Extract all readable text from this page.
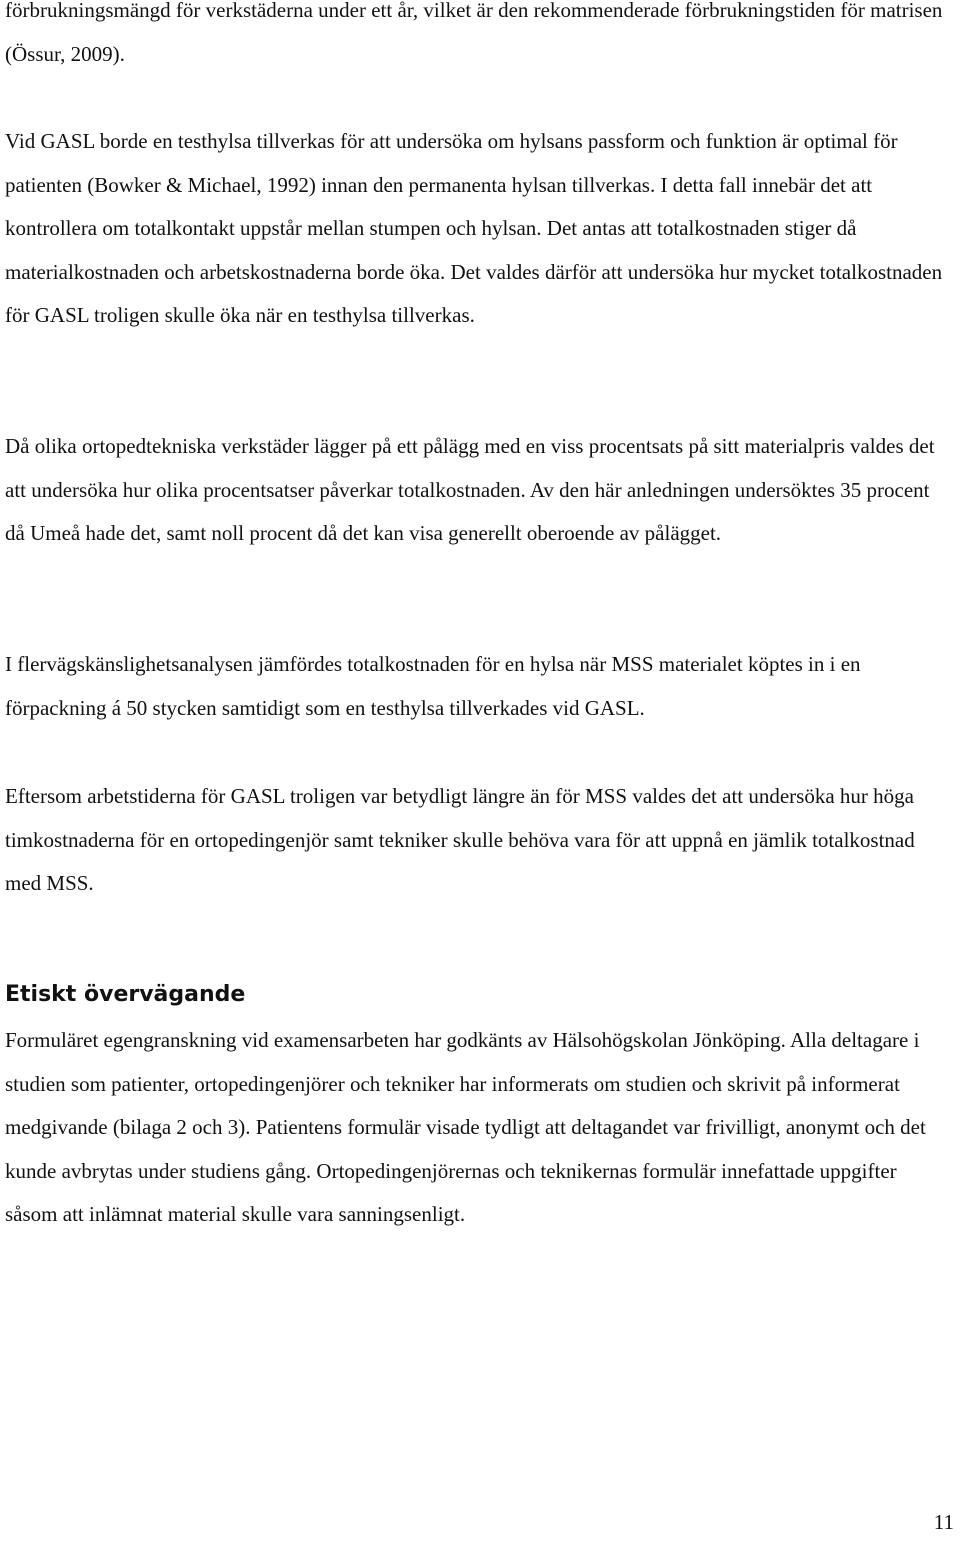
förbrukningsmängd för verkstäderna under ett år, vilket är den rekommenderade förbrukningstiden för matrisen (Össur, 2009).

Vid GASL borde en testhylsa tillverkas för att undersöka om hylsans passform och funktion är optimal för patienten (Bowker & Michael, 1992) innan den permanenta hylsan tillverkas. I detta fall innebär det att kontrollera om totalkontakt uppstår mellan stumpen och hylsan. Det antas att totalkostnaden stiger då materialkostnaden och arbetskostnaderna borde öka. Det valdes därför att undersöka hur mycket totalkostnaden för GASL troligen skulle öka när en testhylsa tillverkas.

Då olika ortopedtekniska verkstäder lägger på ett pålägg med en viss procentsats på sitt materialpris valdes det att undersöka hur olika procentsatser påverkar totalkostnaden. Av den här anledningen undersöktes 35 procent då Umeå hade det, samt noll procent då det kan visa generellt oberoende av pålägget.

I flervägskänslighetsanalysen jämfördes totalkostnaden för en hylsa när MSS materialet köptes in i en förpackning á 50 stycken samtidigt som en testhylsa tillverkades vid GASL.

Eftersom arbetstiderna för GASL troligen var betydligt längre än för MSS valdes det att undersöka hur höga timkostnaderna för en ortopedingenjör samt tekniker skulle behöva vara för att uppnå en jämlik totalkostnad med MSS.

Etiskt övervägande

Formuläret egengranskning vid examensarbeten har godkänts av Hälsohögskolan Jönköping. Alla deltagare i studien som patienter, ortopedingenjörer och tekniker har informerats om studien och skrivit på informerat medgivande (bilaga 2 och 3). Patientens formulär visade tydligt att deltagandet var frivilligt, anonymt och det kunde avbrytas under studiens gång. Ortopedingenjörernas och teknikernas formulär innefattade uppgifter såsom att inlämnat material skulle vara sanningsenligt.

11
